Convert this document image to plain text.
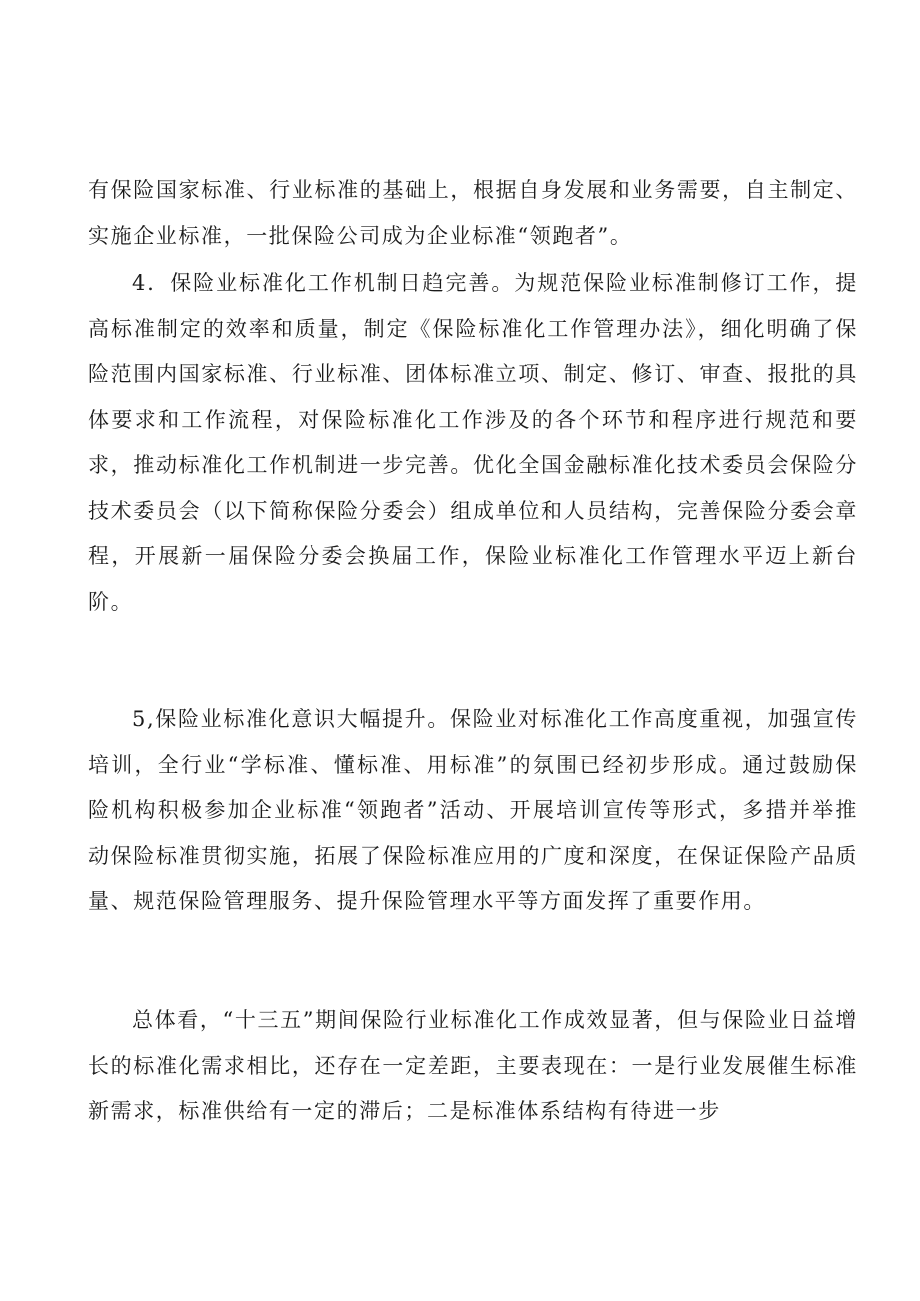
有保险国家标准、行业标准的基础上，根据自身发展和业务需要，自主制定、实施企业标准，一批保险公司成为企业标准“领跑者”。

4．保险业标准化工作机制日趋完善。为规范保险业标准制修订工作，提高标准制定的效率和质量，制定《保险标准化工作管理办法》，细化明确了保险范围内国家标准、行业标准、团体标准立项、制定、修订、审查、报批的具体要求和工作流程，对保险标准化工作涉及的各个环节和程序进行规范和要求，推动标准化工作机制进一步完善。优化全国金融标准化技术委员会保险分技术委员会（以下简称保险分委会）组成单位和人员结构，完善保险分委会章程，开展新一届保险分委会换届工作，保险业标准化工作管理水平迈上新台阶。

5,保险业标准化意识大幅提升。保险业对标准化工作高度重视，加强宣传培训，全行业“学标准、懂标准、用标准”的氛围已经初步形成。通过鼓励保险机构积极参加企业标准“领跑者”活动、开展培训宣传等形式，多措并举推动保险标准贯彻实施，拓展了保险标准应用的广度和深度，在保证保险产品质量、规范保险管理服务、提升保险管理水平等方面发挥了重要作用。

总体看，“十三五”期间保险行业标准化工作成效显著，但与保险业日益增长的标准化需求相比，还存在一定差距，主要表现在：一是行业发展催生标准新需求，标准供给有一定的滞后；二是标准体系结构有待进一步
